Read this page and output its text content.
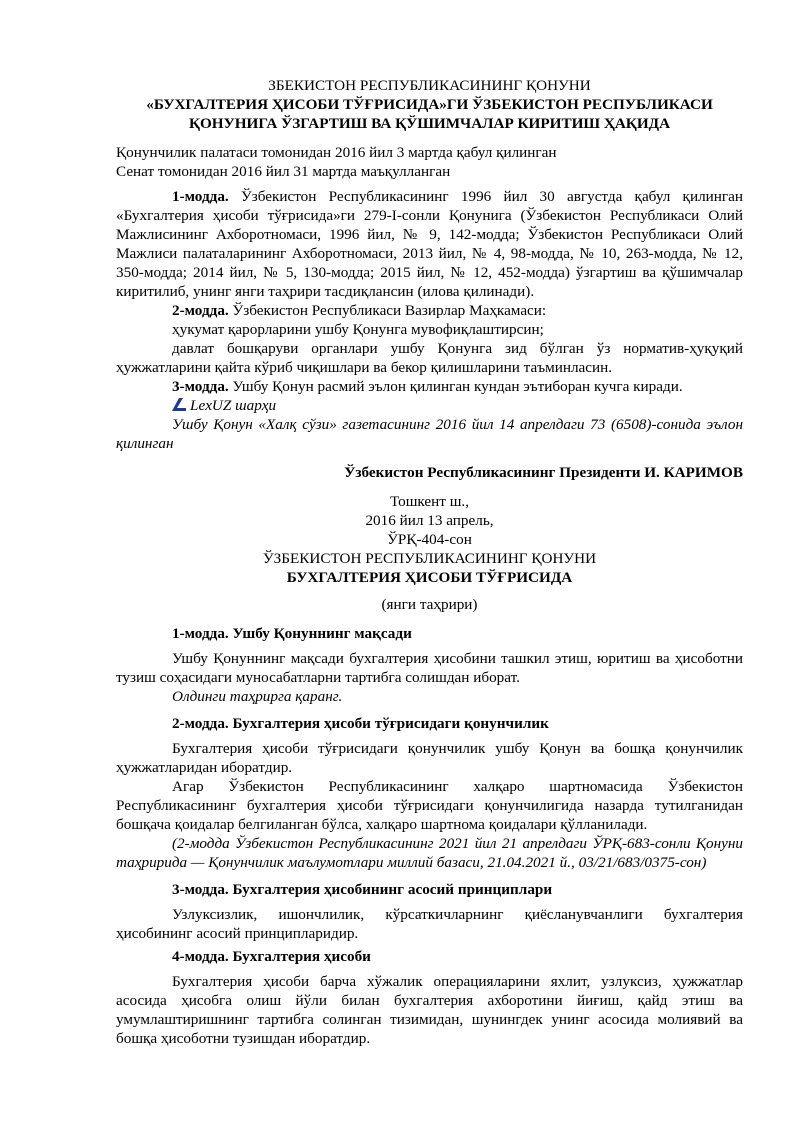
ЗБЕКИСТОН РЕСПУБЛИКАСИНИНГ ҚОНУНИ

«БУХГАЛТЕРИЯ ҲИСОБИ ТЎҒРИСИДА»ГИ ЎЗБЕКИСТОН РЕСПУБЛИКАСИ

ҚОНУНИГА ЎЗГАРТИШ ВА ҚЎШИМЧАЛАР КИРИТИШ ҲАҚИДА

Қонунчилик палатаси томонидан 2016 йил 3 мартда қабул қилинган

Сенат томонидан 2016 йил 31 мартда маъқулланган

1-модда. Ўзбекистон Республикасининг 1996 йил 30 августда қабул қилинган «Бухгалтерия ҳисоби тўғрисида»ги 279-I-сонли Қонунига (Ўзбекистон Республикаси Олий Мажлисининг Ахборотномаси, 1996 йил, № 9, 142-модда; Ўзбекистон Республикаси Олий Мажлиси палаталарининг Ахборотномаси, 2013 йил, № 4, 98-модда, № 10, 263-модда, № 12, 350-модда; 2014 йил, № 5, 130-модда; 2015 йил, № 12, 452-модда) ўзгартиш ва қўшимчалар киритилиб, унинг янги таҳрири тасдиқлансин (илова қилинади).

2-модда. Ўзбекистон Республикаси Вазирлар Маҳкамаси:

ҳукумат қарорларини ушбу Қонунга мувофиқлаштирсин;

давлат бошқаруви органлари ушбу Қонунга зид бўлган ўз норматив-ҳуқуқий ҳужжатларини қайта кўриб чиқишлари ва бекор қилишларини таъминласин.

3-модда. Ушбу Қонун расмий эълон қилинган кундан эътиборан кучга киради.

LexUZ шарҳи

Ушбу Қонун «Халқ сўзи» газетасининг 2016 йил 14 апрелдаги 73 (6508)-сонида эълон қилинган

Ўзбекистон Республикасининг Президенти И. КАРИМОВ

Тошкент ш.,

2016 йил 13 апрель,

ЎРҚ-404-сон

ЎЗБЕКИСТОН РЕСПУБЛИКАСИНИНГ ҚОНУНИ

БУХГАЛТЕРИЯ ҲИСОБИ ТЎҒРИСИДА

(янги таҳрири)

1-модда. Ушбу Қонуннинг мақсади

Ушбу Қонуннинг мақсади бухгалтерия ҳисобини ташкил этиш, юритиш ва ҳисоботни тузиш соҳасидаги муносабатларни тартибга солишдан иборат.

Олдинги таҳрирга қаранг.

2-модда. Бухгалтерия ҳисоби тўғрисидаги қонунчилик

Бухгалтерия ҳисоби тўғрисидаги қонунчилик ушбу Қонун ва бошқа қонунчилик ҳужжатларидан иборатдир.

Агар Ўзбекистон Республикасининг халқаро шартномасида Ўзбекистон Республикасининг бухгалтерия ҳисоби тўғрисидаги қонунчилигида назарда тутилганидан бошқача қоидалар белгиланган бўлса, халқаро шартнома қоидалари қўлланилади.

(2-модда Ўзбекистон Республикасининг 2021 йил 21 апрелдаги ЎРҚ-683-сонли Қонуни таҳририда — Қонунчилик маълумотлари миллий базаси, 21.04.2021 й., 03/21/683/0375-сон)

3-модда. Бухгалтерия ҳисобининг асосий принциплари

Узлуксизлик, ишончлилик, кўрсаткичларнинг қиёсланувчанлиги бухгалтерия ҳисобининг асосий принципларидир.

4-модда. Бухгалтерия ҳисоби

Бухгалтерия ҳисоби барча хўжалик операцияларини яхлит, узлуксиз, ҳужжатлар асосида ҳисобга олиш йўли билан бухгалтерия ахборотини йиғиш, қайд этиш ва умумлаштиришнинг тартибга солинган тизимидан, шунингдек унинг асосида молиявий ва бошқа ҳисоботни тузишдан иборатдир.
